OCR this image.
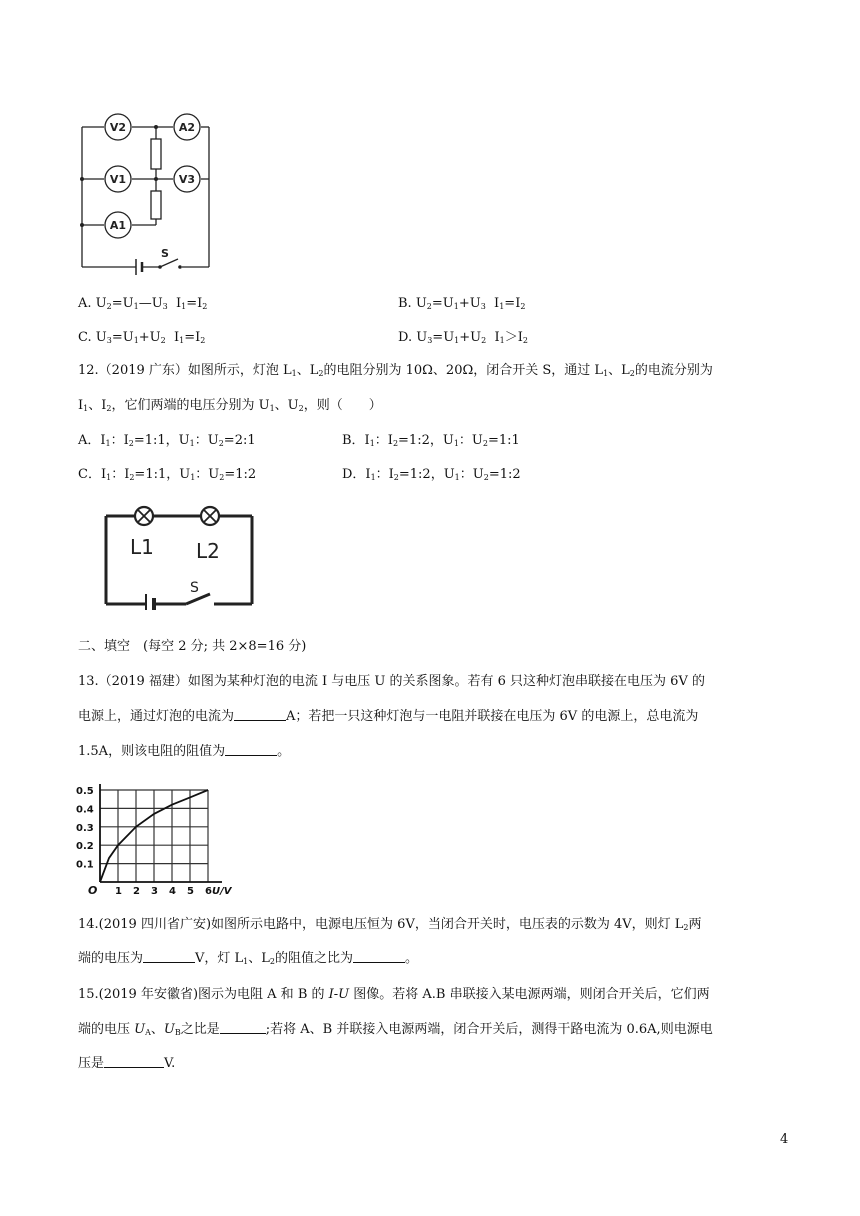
V2	A2
V1	V3
A1
S
A. $U_2=U_1—U_3$  $I_1=I_2$	B. $U_2=U_1+U_3$  $I_1=I_2$
C. $U_3=U_1+U_2$  $I_1=I_2$	D. $U_3=U_1+U_2$  $I_1>I_2$
12.（2019 广东）如图所示，灯泡 $L_1$、$L_2$的电阻分别为 10Ω、20Ω，闭合开关 S，通过 $L_1$、$L_2$的电流分别为
$I_1$、$I_2$，它们两端的电压分别为 $U_1$、$U_2$，则（　　）
A．$I_1$：$I_2=1:1$，$U_1$：$U_2=2:1$	B．$I_1$：$I_2=1:2$，$U_1$：$U_2=1:1$
C．$I_1$：$I_2=1:1$，$U_1$：$U_2=1:2$	D．$I_1$：$I_2=1:2$，$U_1$：$U_2=1:2$
L1 L2
S
二、填空　(每空 2 分; 共 2×8=16 分)
13.（2019 福建）如图为某种灯泡的电流 I 与电压 U 的关系图象。若有 6 只这种灯泡串联接在电压为 6V 的
电源上，通过灯泡的电流为	A；若把一只这种灯泡与一电阻并联接在电压为 6V 的电源上，总电流为
1.5A，则该电阻的阻值为	。
1 2 3 4 5 6
0.1
0.2
0.3
0.4
0.5
O	U/V
14.(2019 四川省广安)如图所示电路中，电源电压恒为 6V，当闭合开关时，电压表的示数为 4V，则灯 $L_2$两
端的电压为	V，灯 $L_1$、$L_2$的阻值之比为	。
15.(2019 年安徽省)图示为电阻 A 和 B 的 I-U 图像。若将 A.B 串联接入某电源两端，则闭合开关后，它们两
端的电压 $U_A$、$U_B$之比是	;若将 A、B 并联接入电源两端，闭合开关后，测得干路电流为 0.6A,则电源电
压是	V.
4
